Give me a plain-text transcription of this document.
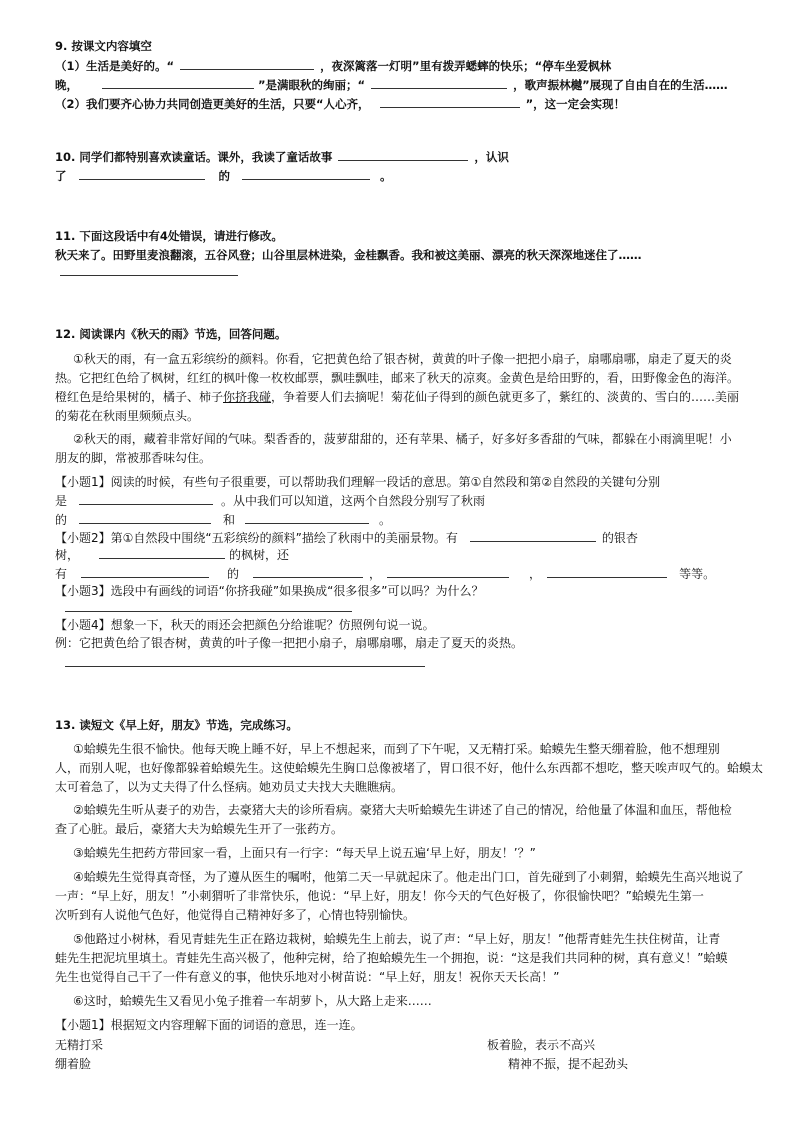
9. 按课文内容填空
（1）生活是美好的。“	，夜深篱落一灯明”里有拨弄蟋蟀的快乐；“停车坐爱枫林
晚，	”是满眼秋的绚丽；“	，歌声振林樾”展现了自由自在的生活……
（2）我们要齐心协力共同创造更美好的生活，只要“人心齐，	”，这一定会实现！
10. 同学们都特别喜欢读童话。课外，我读了童话故事	，认识
了	的	。
11. 下面这段话中有4处错误，请进行修改。
秋天来了。田野里麦浪翻滚，五谷风登；山谷里层林进染，金桂飘香。我和被这美丽、漂亮的秋天深深地迷住了……
12. 阅读课内《秋天的雨》节选，回答问题。
①秋天的雨，有一盒五彩缤纷的颜料。你看，它把黄色给了银杏树，黄黄的叶子像一把把小扇子，扇哪扇哪，扇走了夏天的炎
热。它把红色给了枫树，红红的枫叶像一枚枚邮票，飘哇飘哇，邮来了秋天的凉爽。金黄色是给田野的，看，田野像金色的海洋。
橙红色是给果树的，橘子、柿子你挤我碰，争着要人们去摘呢！菊花仙子得到的颜色就更多了，紫红的、淡黄的、雪白的……美丽
的菊花在秋雨里频频点头。
②秋天的雨，藏着非常好闻的气味。梨香香的，菠萝甜甜的，还有苹果、橘子，好多好多香甜的气味，都躲在小雨滴里呢！小
朋友的脚，常被那香味勾住。
【小题1】阅读的时候，有些句子很重要，可以帮助我们理解一段话的意思。第①自然段和第②自然段的关键句分别
是	。从中我们可以知道，这两个自然段分别写了秋雨
的	和	。
【小题2】第①自然段中围绕“五彩缤纷的颜料”描绘了秋雨中的美丽景物。有	的银杏
树，	的枫树，还
有	的	，	，	等等。
【小题3】选段中有画线的词语“你挤我碰”如果换成“很多很多”可以吗？为什么？
【小题4】想象一下，秋天的雨还会把颜色分给谁呢？仿照例句说一说。
例：它把黄色给了银杏树，黄黄的叶子像一把把小扇子，扇哪扇哪，扇走了夏天的炎热。
13. 读短文《早上好，朋友》节选，完成练习。
①蛤蟆先生很不愉快。他每天晚上睡不好，早上不想起来，而到了下午呢，又无精打采。蛤蟆先生整天绷着脸，他不想理别
人，而别人呢，也好像都躲着蛤蟆先生。这使蛤蟆先生胸口总像被堵了，胃口很不好，他什么东西都不想吃，整天唉声叹气的。蛤蟆太
太可着急了，以为丈夫得了什么怪病。她劝员丈夫找大夫瞧瞧病。
②蛤蟆先生听从妻子的劝告，去豪猪大夫的诊所看病。豪猪大夫听蛤蟆先生讲述了自己的情况，给他量了体温和血压，帮他检
查了心脏。最后，豪猪大夫为蛤蟆先生开了一张药方。
③蛤蟆先生把药方带回家一看，上面只有一行字：“每天早上说五遍‘早上好，朋友！’？”
④蛤蟆先生觉得真奇怪，为了遵从医生的嘱咐，他第二天一早就起床了。他走出门口，首先碰到了小刺猬，蛤蟆先生高兴地说了
一声：“早上好，朋友！”小刺猬听了非常快乐，他说：“早上好，朋友！你今天的气色好极了，你很愉快吧？”蛤蟆先生第一
次听到有人说他气色好，他觉得自己精神好多了，心情也特别愉快。
⑤他路过小树林，看见青蛙先生正在路边栽树，蛤蟆先生上前去，说了声：“早上好，朋友！”他帮青蛙先生扶住树苗，让青
蛙先生把泥坑里填土。青蛙先生高兴极了，他种完树，给了抱蛤蟆先生一个拥抱，说：“这是我们共同种的树，真有意义！”蛤蟆
先生也觉得自己干了一件有意义的事，他快乐地对小树苗说：“早上好，朋友！祝你天天长高！”
⑥这时，蛤蟆先生又看见小兔子推着一车胡萝卜，从大路上走来……
【小题1】根据短文内容理解下面的词语的意思，连一连。
无精打采
绷着脸
板着脸，表示不高兴
精神不振，提不起劲头
